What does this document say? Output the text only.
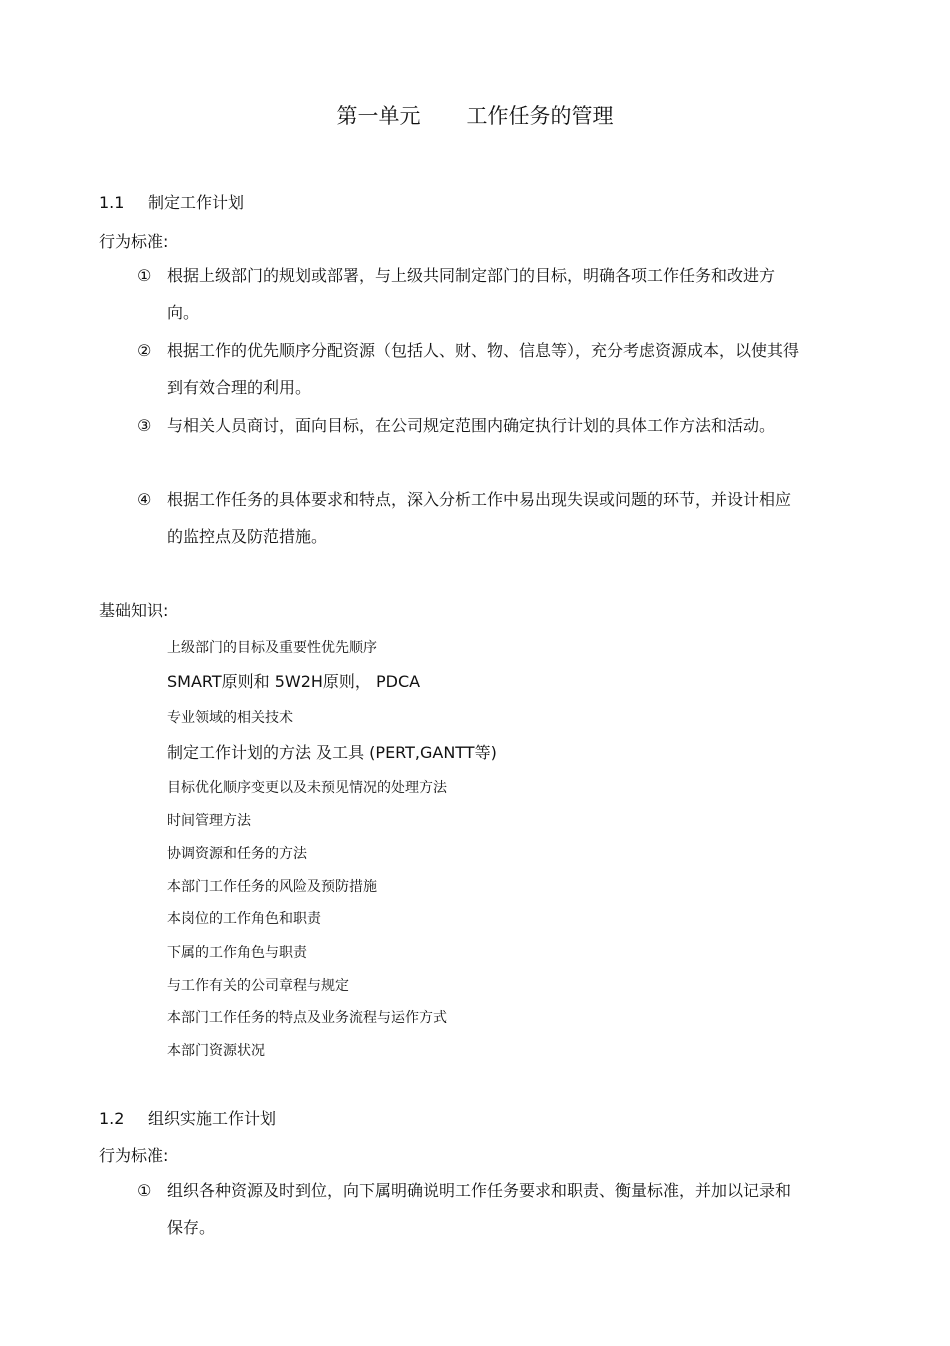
第一单元 工作任务的管理
1.1 制定工作计划
行为标准:
① 根据上级部门的规划或部署，与上级共同制定部门的目标，明确各项工作任务和改进方向。
② 根据工作的优先顺序分配资源（包括人、财、物、信息等），充分考虑资源成本，以使其得到有效合理的利用。
③ 与相关人员商讨，面向目标，在公司规定范围内确定执行计划的具体工作方法和活动。
④ 根据工作任务的具体要求和特点，深入分析工作中易出现失误或问题的环节，并设计相应的监控点及防范措施。
基础知识:
上级部门的目标及重要性优先顺序
SMART原则和 5W2H原则， PDCA
专业领域的相关技术
制定工作计划的方法 及工具 (PERT,GANTT等)
目标优化顺序变更以及未预见情况的处理方法
时间管理方法
协调资源和任务的方法
本部门工作任务的风险及预防措施
本岗位的工作角色和职责
下属的工作角色与职责
与工作有关的公司章程与规定
本部门工作任务的特点及业务流程与运作方式
本部门资源状况
1.2 组织实施工作计划
行为标准:
① 组织各种资源及时到位，向下属明确说明工作任务要求和职责、衡量标准，并加以记录和保存。
